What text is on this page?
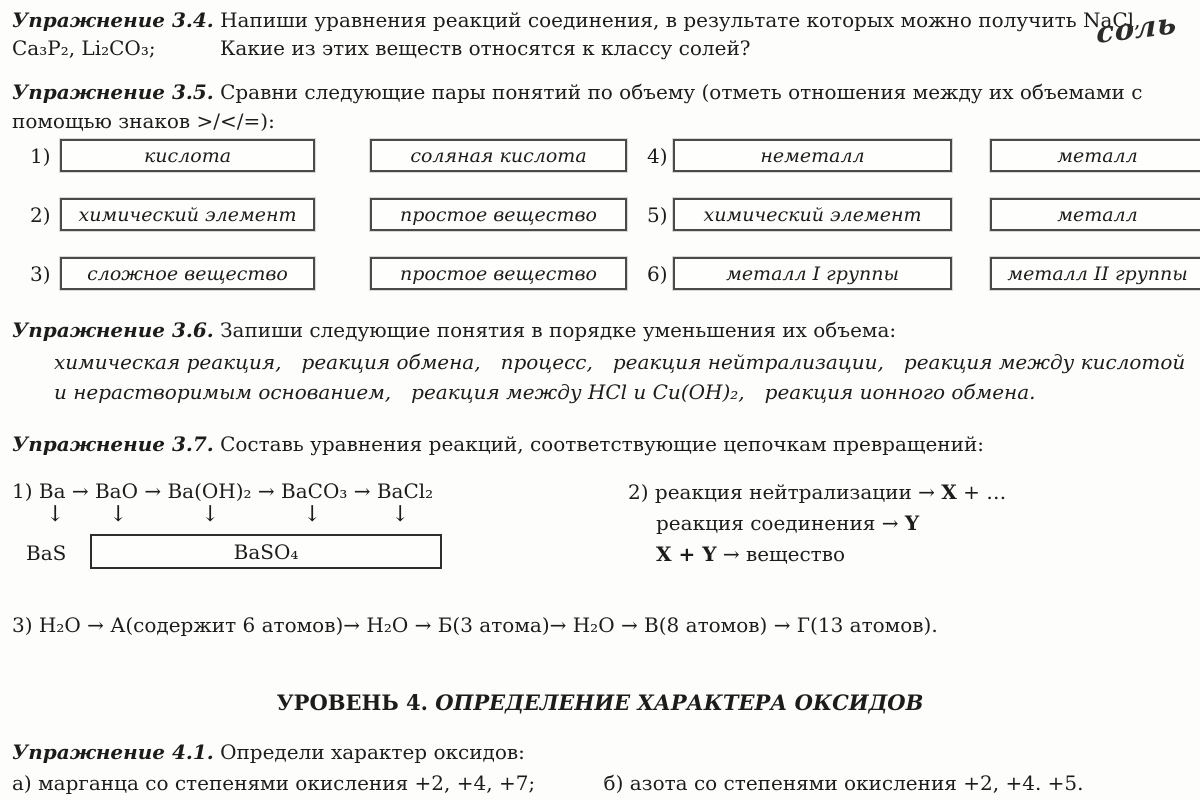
Упражнение 3.4. Напиши уравнения реакций соединения, в результате которых можно получить NaCl,
Ca₃P₂, Li₂CO₃;	Какие из этих веществ относятся к классу солей?	соль
Упражнение 3.5. Сравни следующие пары понятий по объему (отметь отношения между их объемами с
помощью знаков >/</=):
1)	кислота	соляная кислота	4)	неметалл	металл
2)	химический элемент	простое вещество	5) химический элемент	металл
3)	сложное вещество	простое вещество	6)	металл I группы	металл II группы
Упражнение 3.6. Запиши следующие понятия в порядке уменьшения их объема:
химическая реакция, реакция обмена, процесс, реакция нейтрализации, реакция между кислотой
и нерастворимым основанием, реакция между HCl и Cu(OH)₂, реакция ионного обмена.
Упражнение 3.7. Составь уравнения реакций, соответствующие цепочкам превращений:
1) Ba → BaO → Ba(OH)₂ → BaCO₃ → BaCl₂
↓ ↓	↓	↓	↓
BaS	BaSO₄
2) реакция нейтрализации → X + …
реакция соединения → Y
X + Y → вещество
3) H₂O → А(содержит 6 атомов)→ H₂O → Б(3 атома)→ H₂O → В(8 атомов) → Г(13 атомов).
УРОВЕНЬ 4. ОПРЕДЕЛЕНИЕ ХАРАКТЕРА ОКСИДОВ
Упражнение 4.1. Определи характер оксидов:
а) марганца со степенями окисления +2, +4, +7;	б) азота со степенями окисления +2, +4. +5.
